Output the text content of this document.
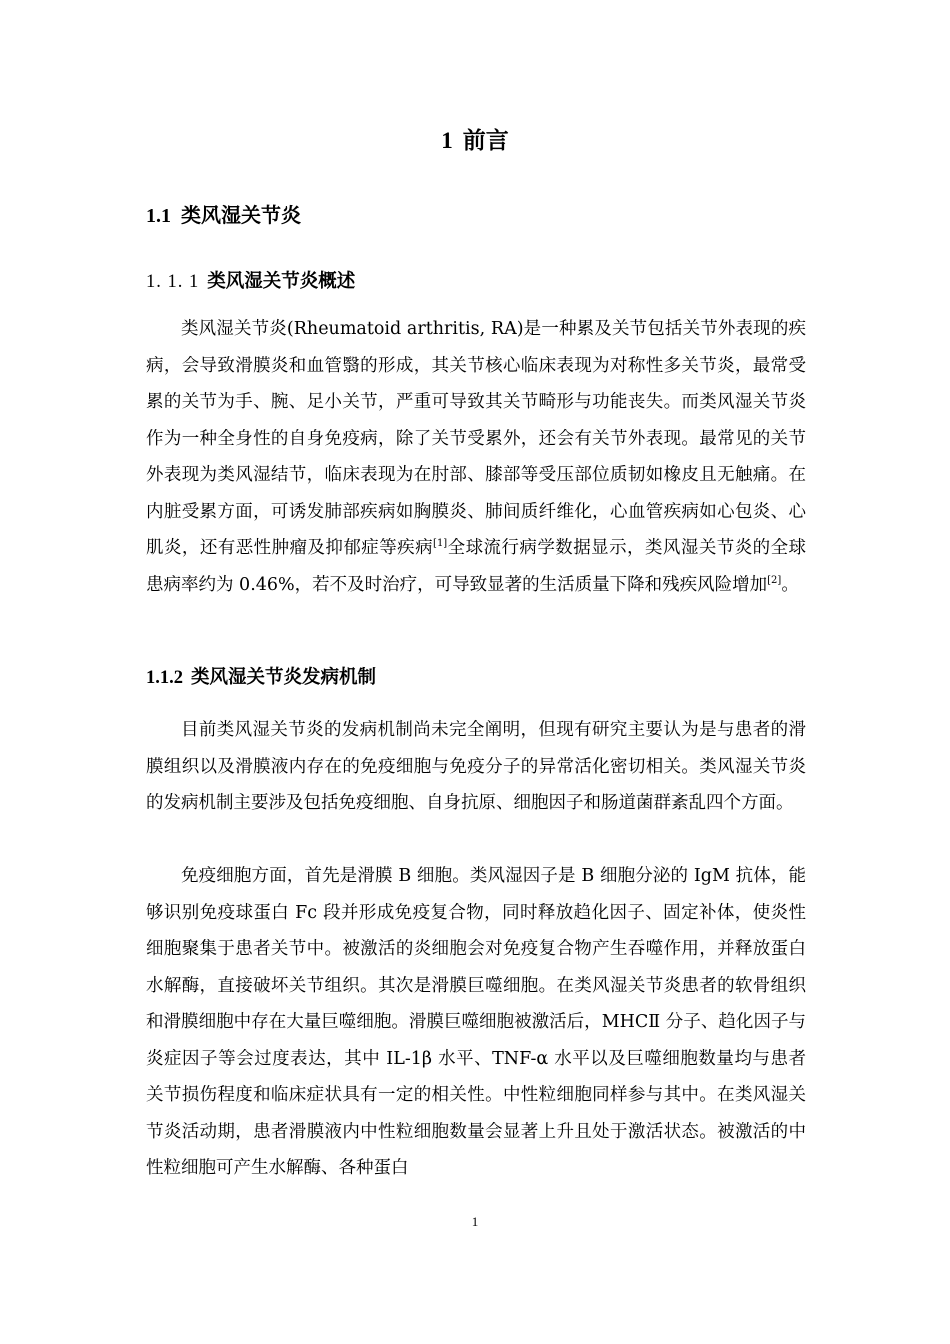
1 前言
1.1 类风湿关节炎
1. 1. 1 类风湿关节炎概述
类风湿关节炎(Rheumatoid arthritis, RA)是一种累及关节包括关节外表现的疾病，会导致滑膜炎和血管翳的形成，其关节核心临床表现为对称性多关节炎，最常受累的关节为手、腕、足小关节，严重可导致其关节畸形与功能丧失。而类风湿关节炎作为一种全身性的自身免疫病，除了关节受累外，还会有关节外表现。最常见的关节外表现为类风湿结节，临床表现为在肘部、膝部等受压部位质韧如橡皮且无触痛。在内脏受累方面，可诱发肺部疾病如胸膜炎、肺间质纤维化，心血管疾病如心包炎、心肌炎，还有恶性肿瘤及抑郁症等疾病[1]全球流行病学数据显示，类风湿关节炎的全球患病率约为 0.46%，若不及时治疗，可导致显著的生活质量下降和残疾风险增加[2]。
1.1.2 类风湿关节炎发病机制
目前类风湿关节炎的发病机制尚未完全阐明，但现有研究主要认为是与患者的滑膜组织以及滑膜液内存在的免疫细胞与免疫分子的异常活化密切相关。类风湿关节炎的发病机制主要涉及包括免疫细胞、自身抗原、细胞因子和肠道菌群紊乱四个方面。
免疫细胞方面，首先是滑膜 B 细胞。类风湿因子是 B 细胞分泌的 IgM 抗体，能够识别免疫球蛋白 Fc 段并形成免疫复合物，同时释放趋化因子、固定补体，使炎性细胞聚集于患者关节中。被激活的炎细胞会对免疫复合物产生吞噬作用，并释放蛋白水解酶，直接破坏关节组织。其次是滑膜巨噬细胞。在类风湿关节炎患者的软骨组织和滑膜细胞中存在大量巨噬细胞。滑膜巨噬细胞被激活后，MHCⅡ 分子、趋化因子与炎症因子等会过度表达，其中 IL-1β 水平、TNF-α 水平以及巨噬细胞数量均与患者关节损伤程度和临床症状具有一定的相关性。中性粒细胞同样参与其中。在类风湿关节炎活动期，患者滑膜液内中性粒细胞数量会显著上升且处于激活状态。被激活的中性粒细胞可产生水解酶、各种蛋白
1
